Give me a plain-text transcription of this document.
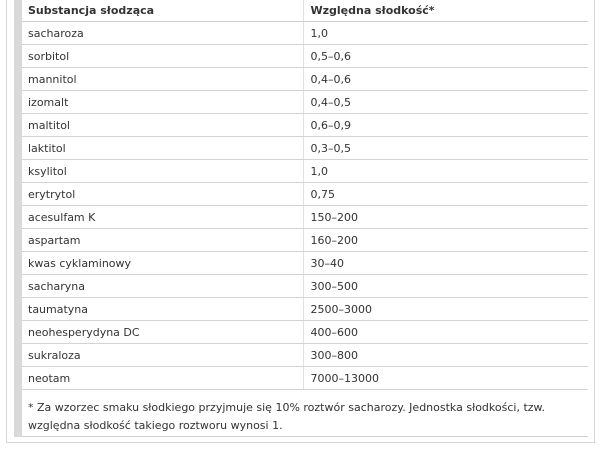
Substancja słodząca	Względna słodkość*
sacharoza	1,0
sorbitol	0,5–0,6
mannitol	0,4–0,6
izomalt	0,4–0,5
maltitol	0,6–0,9
laktitol	0,3–0,5
ksylitol	1,0
erytrytol	0,75
acesulfam K	150–200
aspartam	160–200
kwas cyklaminowy	30–40
sacharyna	300–500
taumatyna	2500–3000
neohesperydyna DC	400–600
sukraloza	300–800
neotam	7000–13000
* Za wzorzec smaku słodkiego przyjmuje się 10% roztwór sacharozy. Jednostka słodkości, tzw. względna słodkość takiego roztworu wynosi 1.
